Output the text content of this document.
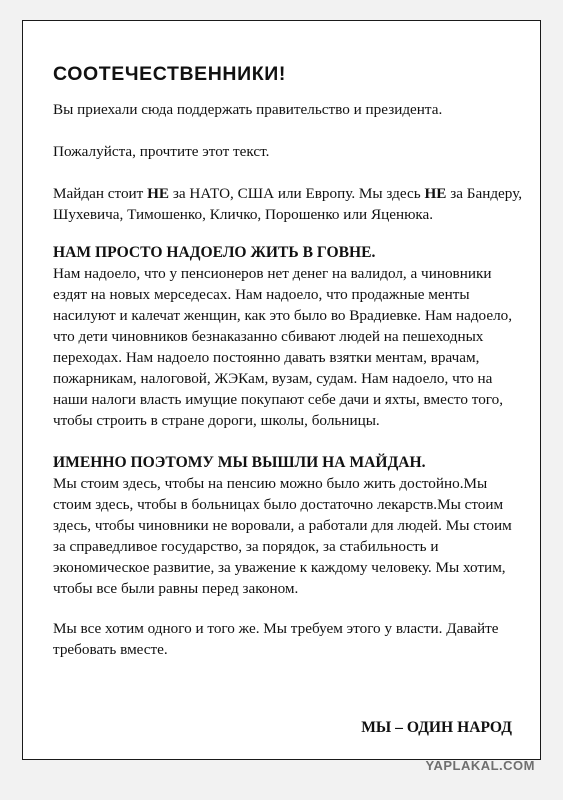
СООТЕЧЕСТВЕННИКИ!

Вы приехали сюда поддержать правительство и президента.

Пожалуйста, прочтите этот текст.

Майдан стоит НЕ за НАТО, США или Европу. Мы здесь НЕ за Бандеру, Шухевича, Тимошенко, Кличко, Порошенко или Яценюка.

НАМ ПРОСТО НАДОЕЛО ЖИТЬ В ГОВНЕ.

Нам надоело, что у пенсионеров нет денег на валидол, а чиновники ездят на новых мерседесах. Нам надоело, что продажные менты насилуют и калечат женщин, как это было во Врадиевке. Нам надоело, что дети чиновников безнаказанно сбивают людей на пешеходных переходах. Нам надоело постоянно давать взятки ментам, врачам, пожарникам, налоговой, ЖЭКам, вузам, судам. Нам надоело, что на наши налоги власть имущие покупают себе дачи и яхты, вместо того, чтобы строить в стране дороги, школы, больницы.

ИМЕННО ПОЭТОМУ МЫ ВЫШЛИ НА МАЙДАН.

Мы стоим здесь, чтобы на пенсию можно было жить достойно.Мы стоим здесь, чтобы в больницах было достаточно лекарств.Мы стоим здесь, чтобы чиновники не воровали, а работали для людей. Мы стоим за справедливое государство, за порядок, за стабильность и экономическое развитие, за уважение к каждому человеку. Мы хотим, чтобы все были равны перед законом.

Мы все хотим одного и того же. Мы требуем этого у власти. Давайте требовать вместе.

МЫ – ОДИН НАРОД
YAPLAKAL.COM
